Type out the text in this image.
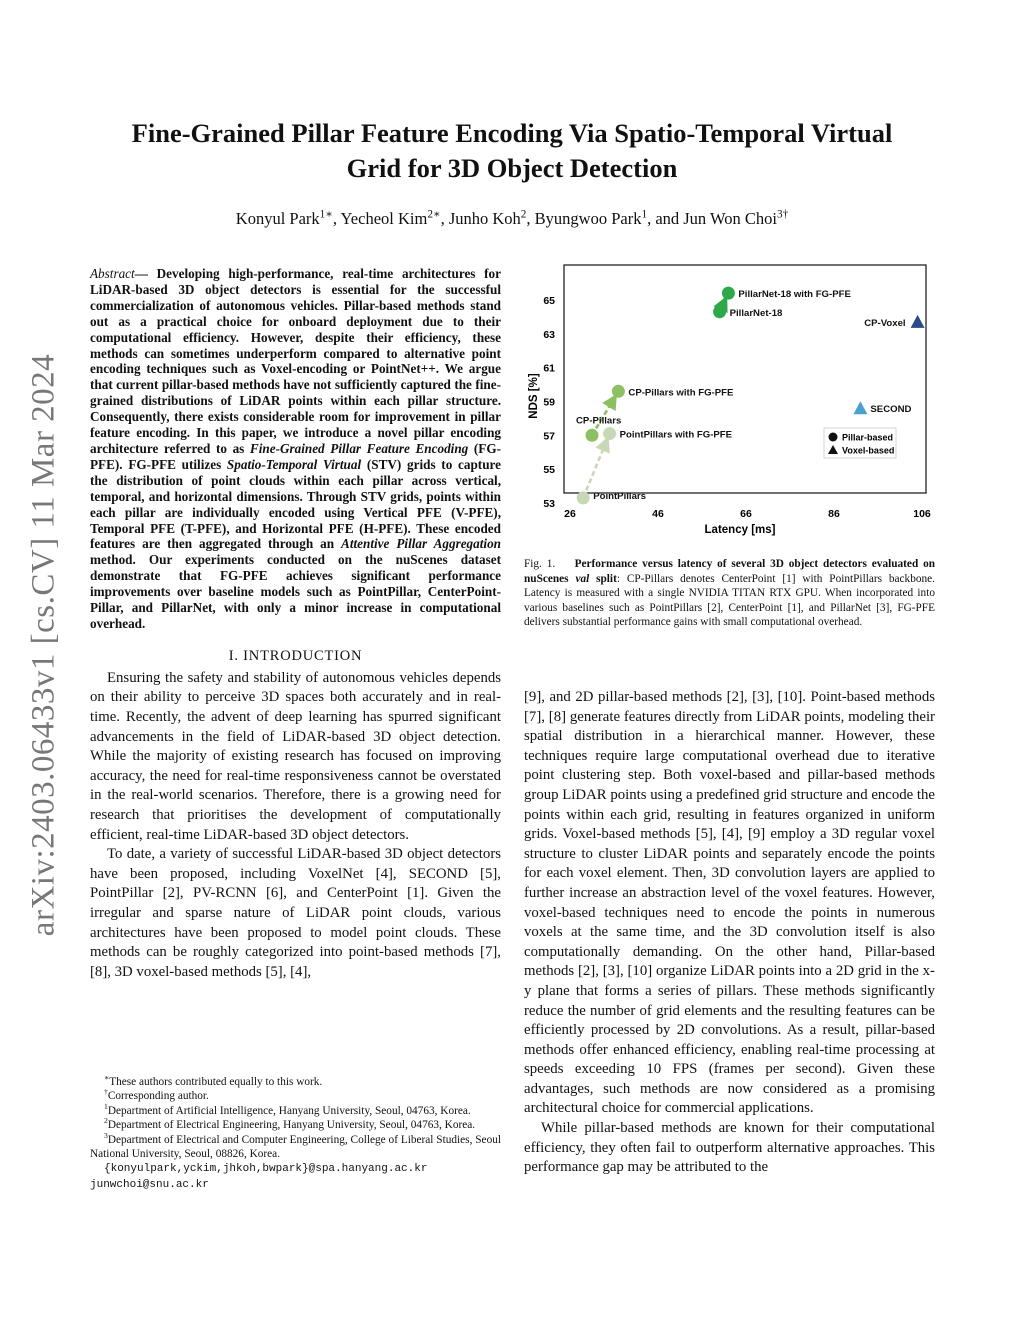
arXiv:2403.06433v1 [cs.CV] 11 Mar 2024
Fine-Grained Pillar Feature Encoding Via Spatio-Temporal Virtual
Grid for 3D Object Detection
Konyul Park$^{1∗}$, Yecheol Kim$^{2∗}$, Junho Koh$^2$, Byungwoo Park$^1$, and Jun Won Choi$^{3\dagger}$

Abstract— Developing high-performance, real-time architectures for LiDAR-based 3D object detectors is essential for the successful commercialization of autonomous vehicles. Pillar-based methods stand out as a practical choice for onboard deployment due to their computational efficiency. However, despite their efficiency, these methods can sometimes underperform compared to alternative point encoding techniques such as Voxel-encoding or PointNet++. We argue that current pillar-based methods have not sufficiently captured the fine-grained distributions of LiDAR points within each pillar structure. Consequently, there exists considerable room for improvement in pillar feature encoding. In this paper, we introduce a novel pillar encoding architecture referred to as Fine-Grained Pillar Feature Encoding (FG-PFE). FG-PFE utilizes Spatio-Temporal Virtual (STV) grids to capture the distribution of point clouds within each pillar across vertical, temporal, and horizontal dimensions. Through STV grids, points within each pillar are individually encoded using Vertical PFE (V-PFE), Temporal PFE (T-PFE), and Horizontal PFE (H-PFE). These encoded features are then aggregated through an Attentive Pillar Aggregation method. Our experiments conducted on the nuScenes dataset demonstrate that FG-PFE achieves significant performance improvements over baseline models such as PointPillar, CenterPoint-Pillar, and PillarNet, with only a minor increase in computational overhead.

I. INTRODUCTION

Ensuring the safety and stability of autonomous vehicles depends on their ability to perceive 3D spaces both accurately and in real-time. Recently, the advent of deep learning has spurred significant advancements in the field of LiDAR-based 3D object detection. While the majority of existing research has focused on improving accuracy, the need for real-time responsiveness cannot be overstated in the real-world scenarios. Therefore, there is a growing need for research that prioritises the development of computationally efficient, real-time LiDAR-based 3D object detectors.

To date, a variety of successful LiDAR-based 3D object detectors have been proposed, including VoxelNet [4], SECOND [5], PointPillar [2], PV-RCNN [6], and CenterPoint [1]. Given the irregular and sparse nature of LiDAR point clouds, various architectures have been proposed to model point clouds. These methods can be roughly categorized into point-based methods [7], [8], 3D voxel-based methods [5], [4],

∗These authors contributed equally to this work.

†Corresponding author.

$^1$Department of Artificial Intelligence, Hanyang University, Seoul, 04763, Korea.

$^2$Department of Electrical Engineering, Hanyang University, Seoul, 04763, Korea.

$^3$Department of Electrical and Computer Engineering, College of Liberal Studies, Seoul National University, Seoul, 08826, Korea.

{konyulpark,yckim,jhkoh,bwpark}@spa.hanyang.ac.kr
junwchoi@snu.ac.kr

26	46	66	86	106
53
55
57
59
61
63
65
PointPillars
PointPillars with FG-PFE
CP-Pillars
CP-Pillars with FG-PFE
PillarNet-18
PillarNet-18 with FG-PFE
CP-Voxel
SECOND
Latency [ms]
NDS [%]
Pillar-based
Voxel-based
Fig. 1. Performance versus latency of several 3D object detectors evaluated on nuScenes val split: CP-Pillars denotes CenterPoint [1] with PointPillars backbone. Latency is measured with a single NVIDIA TITAN RTX GPU. When incorporated into various baselines such as PointPillars [2], CenterPoint [1], and PillarNet [3], FG-PFE delivers substantial performance gains with small computational overhead.

[9], and 2D pillar-based methods [2], [3], [10]. Point-based methods [7], [8] generate features directly from LiDAR points, modeling their spatial distribution in a hierarchical manner. However, these techniques require large computational overhead due to iterative point clustering step. Both voxel-based and pillar-based methods group LiDAR points using a predefined grid structure and encode the points within each grid, resulting in features organized in uniform grids. Voxel-based methods [5], [4], [9] employ a 3D regular voxel structure to cluster LiDAR points and separately encode the points for each voxel element. Then, 3D convolution layers are applied to further increase an abstraction level of the voxel features. However, voxel-based techniques need to encode the points in numerous voxels at the same time, and the 3D convolution itself is also computationally demanding. On the other hand, Pillar-based methods [2], [3], [10] organize LiDAR points into a 2D grid in the x-y plane that forms a series of pillars. These methods significantly reduce the number of grid elements and the resulting features can be efficiently processed by 2D convolutions. As a result, pillar-based methods offer enhanced efficiency, enabling real-time processing at speeds exceeding 10 FPS (frames per second). Given these advantages, such methods are now considered as a promising architectural choice for commercial applications.

While pillar-based methods are known for their computational efficiency, they often fail to outperform alternative approaches. This performance gap may be attributed to the
